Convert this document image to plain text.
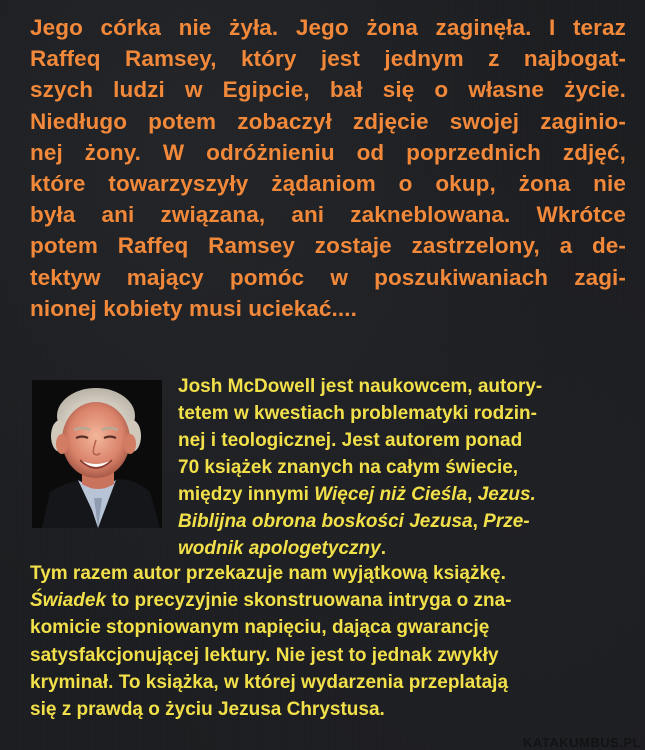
Jego córka nie żyła. Jego żona zaginęła. I teraz
Raffeq Ramsey, który jest jednym z najbogat-
szych ludzi w Egipcie, bał się o własne życie.
Niedługo potem zobaczył zdjęcie swojej zaginio-
nej żony. W odróżnieniu od poprzednich zdjęć,
które towarzyszyły żądaniom o okup, żona nie
była ani związana, ani zakneblowana. Wkrótce
potem Raffeq Ramsey zostaje zastrzelony, a de-
tektyw mający pomóc w poszukiwaniach zagi-
nionej kobiety musi uciekać....
Josh McDowell jest naukowcem, autory-
tetem w kwestiach problematyki rodzin-
nej i teologicznej. Jest autorem ponad
70 książek znanych na całym świecie,
między innymi Więcej niż Cieśla, Jezus.
Biblijna obrona boskości Jezusa, Prze-
wodnik apologetyczny.
Tym razem autor przekazuje nam wyjątkową książkę.
Świadek to precyzyjnie skonstruowana intryga o zna-
komicie stopniowanym napięciu, dająca gwarancję
satysfakcjonującej lektury. Nie jest to jednak zwykły
kryminał. To książka, w której wydarzenia przeplatają
się z prawdą o życiu Jezusa Chrystusa.
KATAKUMBUS.PL
